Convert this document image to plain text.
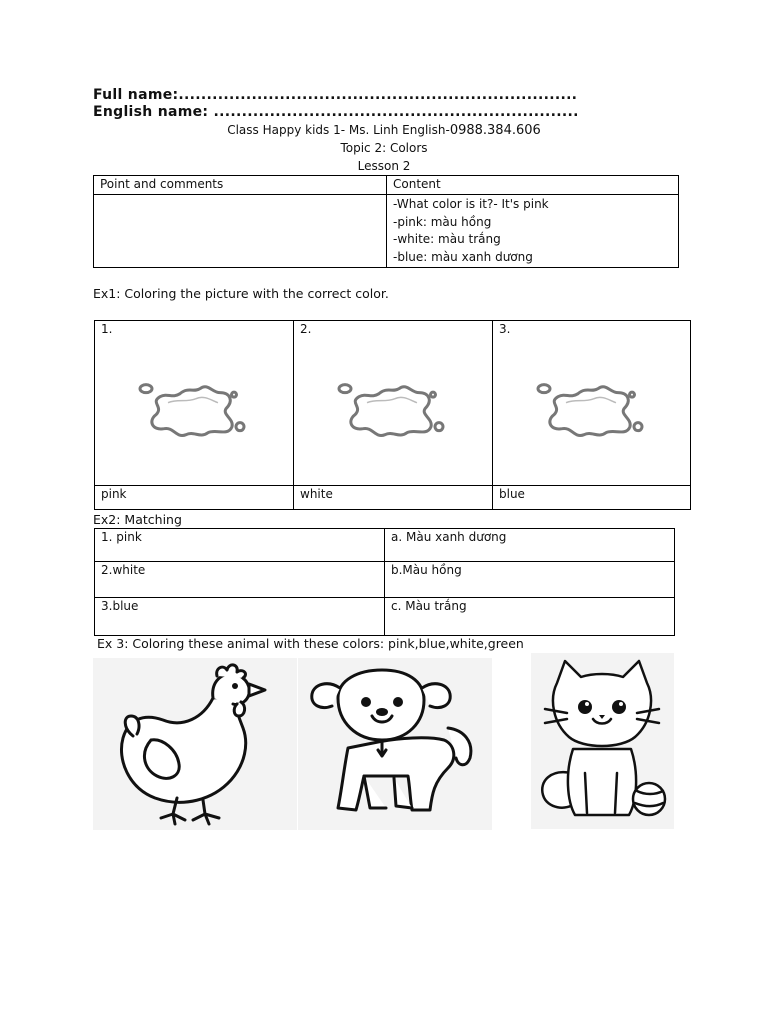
Full name:.......................................................................
English name: .................................................................
Class Happy kids 1- Ms. Linh English-0988.384.606
Topic 2: Colors
Lesson 2
Point and comments	Content

	-What color is it?- It's pink
-pink: màu hồng
-white: màu trắng
-blue: màu xanh dương
Ex1: Coloring the picture with the correct color.
1.	2.	3.

pink	white	blue
Ex2: Matching
1. pink	a. Màu xanh dương
2.white	b.Màu hồng
3.blue	c. Màu trắng
Ex 3: Coloring these animal with these colors: pink,blue,white,green
